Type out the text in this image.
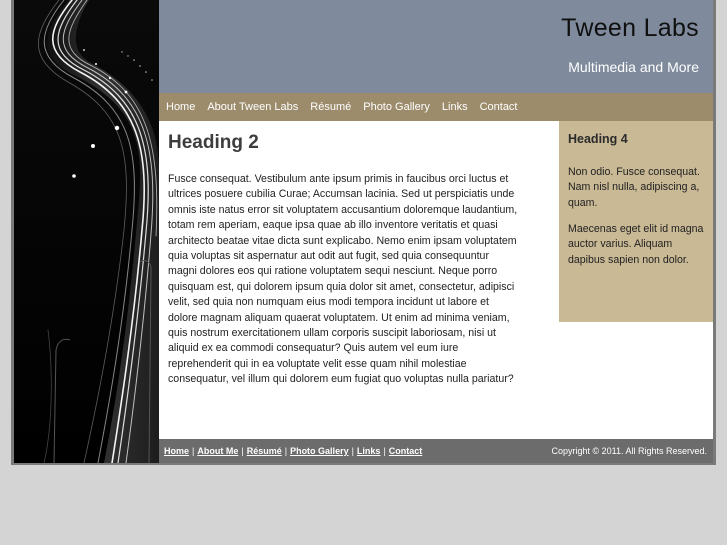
Tween Labs
Multimedia and More
Home About Tween Labs Résumé Photo Gallery Links Contact
Heading 2

Fusce consequat. Vestibulum ante ipsum primis in faucibus orci luctus et ultrices posuere cubilia Curae; Accumsan lacinia. Sed ut perspiciatis unde omnis iste natus error sit voluptatem accusantium doloremque laudantium, totam rem aperiam, eaque ipsa quae ab illo inventore veritatis et quasi architecto beatae vitae dicta sunt explicabo. Nemo enim ipsam voluptatem quia voluptas sit aspernatur aut odit aut fugit, sed quia consequuntur magni dolores eos qui ratione voluptatem sequi nesciunt. Neque porro quisquam est, qui dolorem ipsum quia dolor sit amet, consectetur, adipisci velit, sed quia non numquam eius modi tempora incidunt ut labore et dolore magnam aliquam quaerat voluptatem. Ut enim ad minima veniam, quis nostrum exercitationem ullam corporis suscipit laboriosam, nisi ut aliquid ex ea commodi consequatur? Quis autem vel eum iure reprehenderit qui in ea voluptate velit esse quam nihil molestiae consequatur, vel illum qui dolorem eum fugiat quo voluptas nulla pariatur?

Heading 4

Non odio. Fusce consequat. Nam nisl nulla, adipiscing a, quam.

Maecenas eget elit id magna auctor varius. Aliquam dapibus sapien non dolor.

Home | About Me | Résumé | Photo Gallery | Links | Contact	Copyright © 2011. All Rights Reserved.
